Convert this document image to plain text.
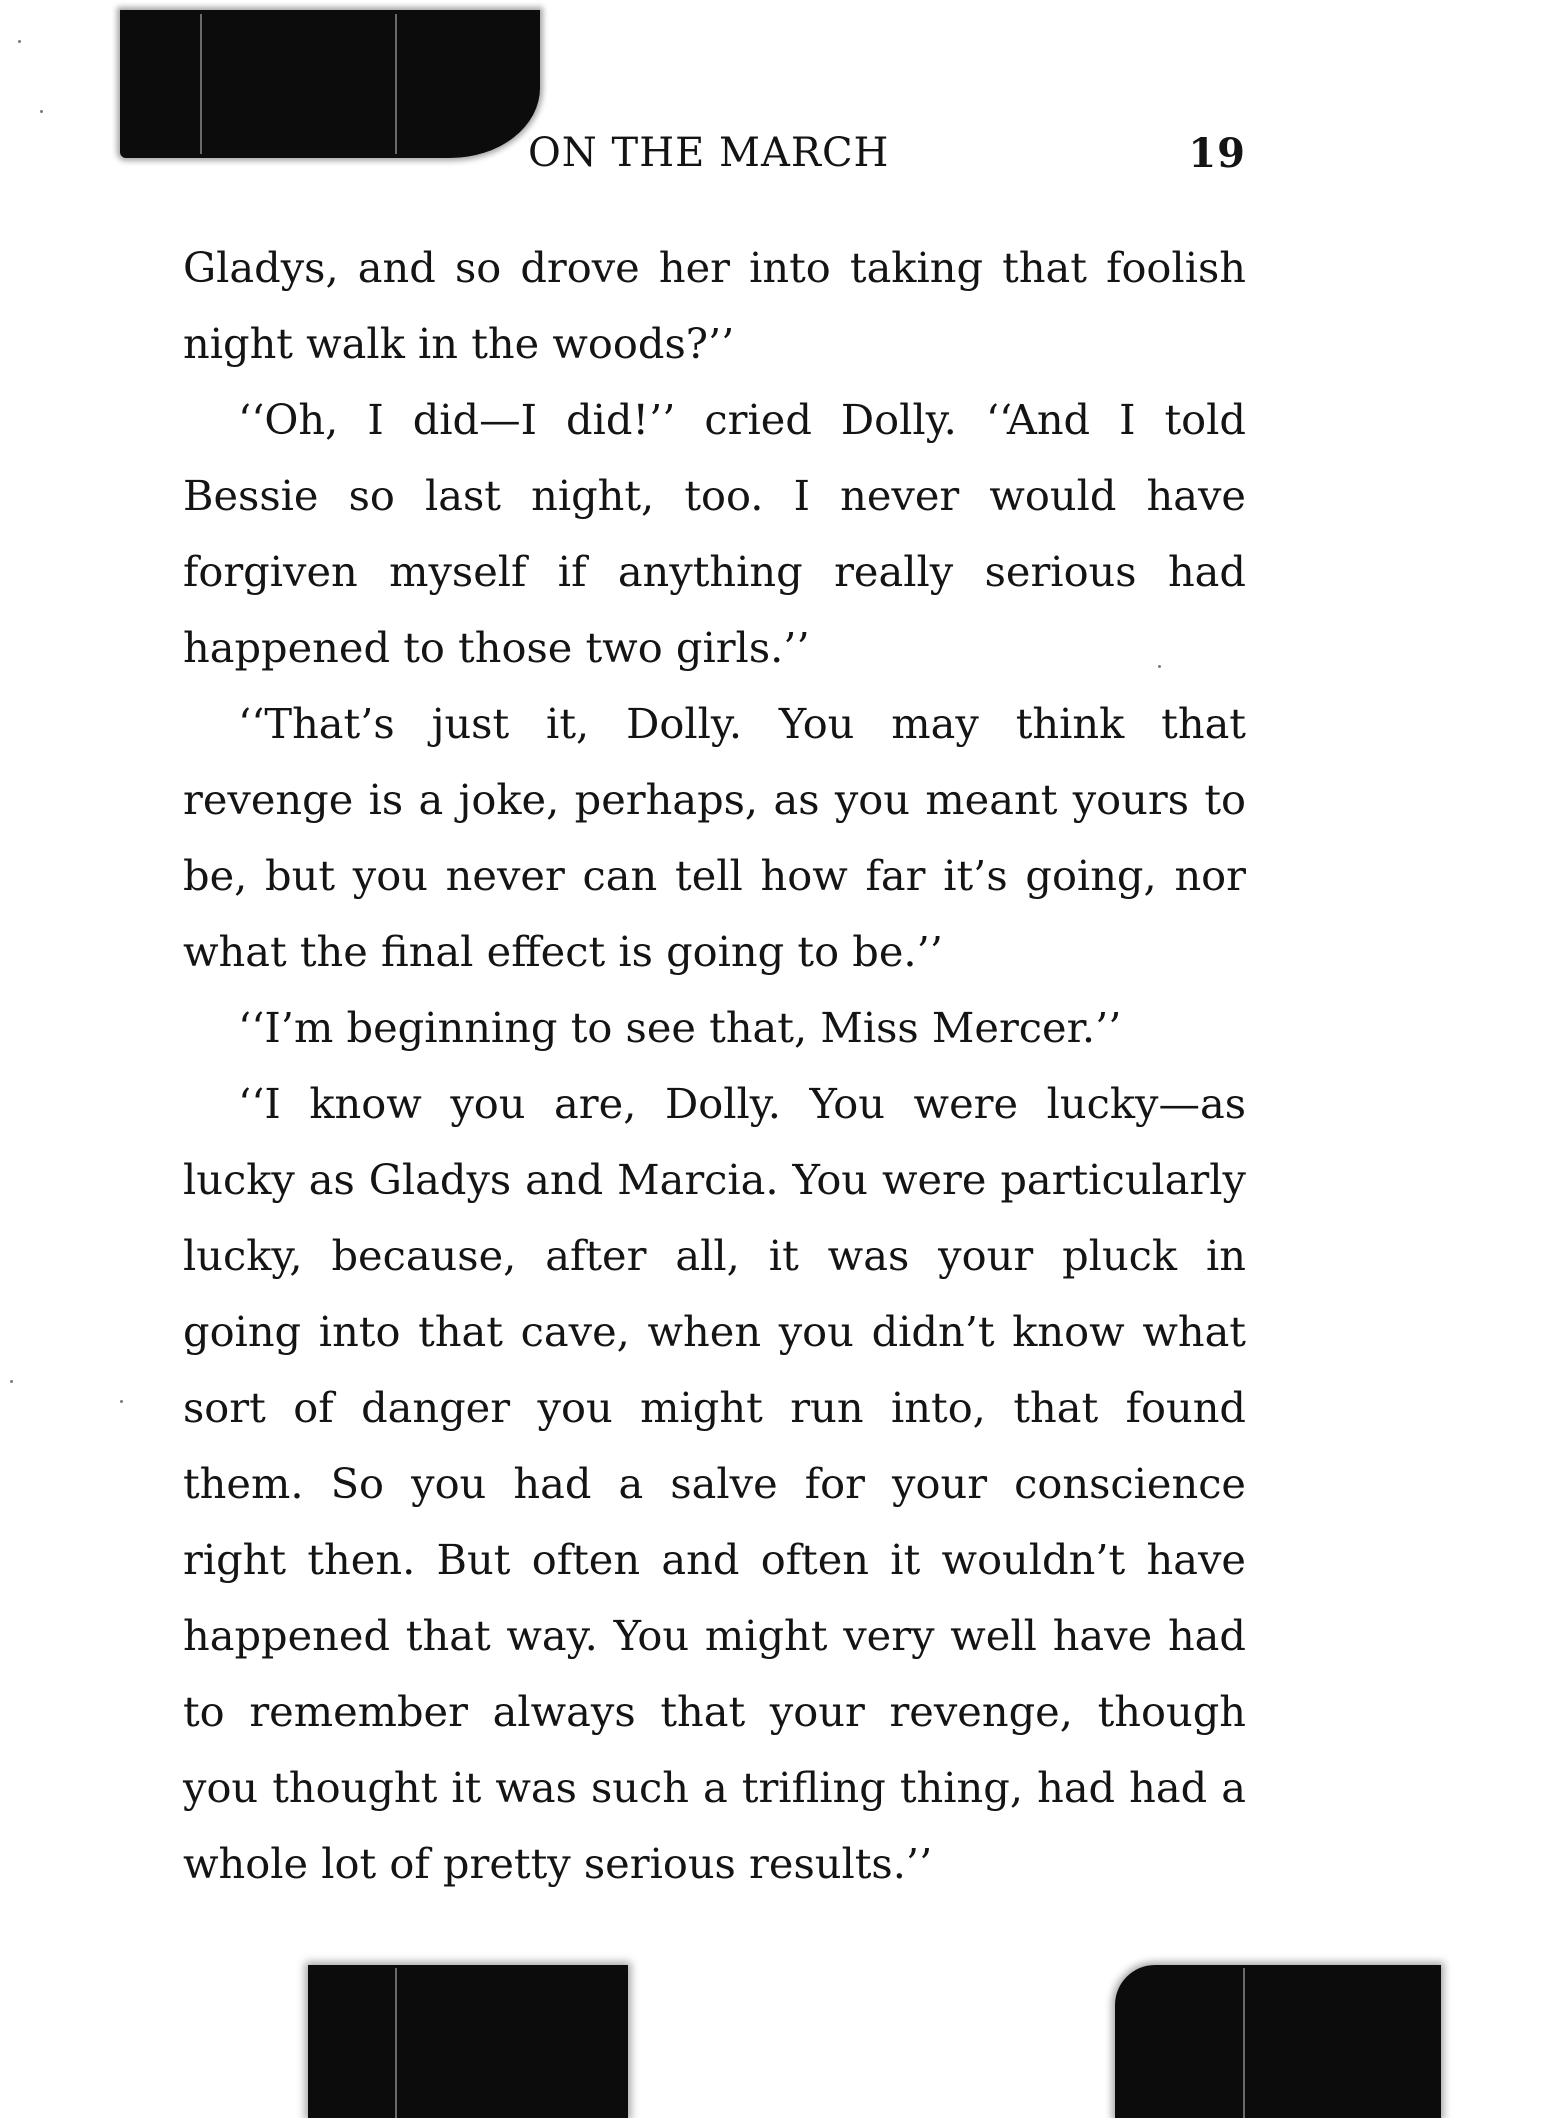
ON THE MARCH	19

Gladys, and so drove her into taking that foolish night walk in the woods?’’

‘‘Oh, I did—I did!’’ cried Dolly. ‘‘And I told Bessie so last night, too. I never would have forgiven myself if anything really serious had happened to those two girls.’’

‘‘That’s just it, Dolly. You may think that revenge is a joke, perhaps, as you meant yours to be, but you never can tell how far it’s going, nor what the final effect is going to be.’’

‘‘I’m beginning to see that, Miss Mercer.’’

‘‘I know you are, Dolly. You were lucky—as lucky as Gladys and Marcia. You were particularly lucky, because, after all, it was your pluck in going into that cave, when you didn’t know what sort of danger you might run into, that found them. So you had a salve for your conscience right then. But often and often it wouldn’t have happened that way. You might very well have had to remember always that your revenge, though you thought it was such a trifling thing, had had a whole lot of pretty serious results.’’
